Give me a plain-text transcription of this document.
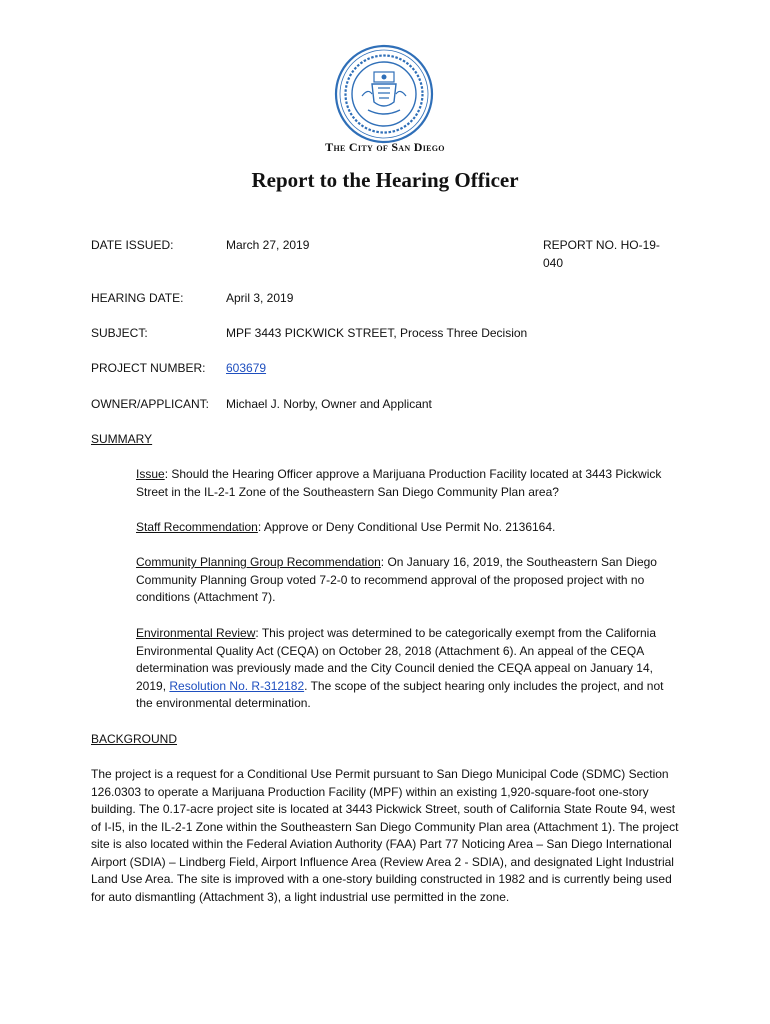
The City of San Diego
Report to the Hearing Officer
DATE ISSUED:	March 27, 2019	REPORT NO. HO-19-
040
HEARING DATE:	April 3, 2019
SUBJECT:	MPF 3443 PICKWICK STREET, Process Three Decision
PROJECT NUMBER: 603679
OWNER/APPLICANT: Michael J. Norby, Owner and Applicant
SUMMARY
Issue: Should the Hearing Officer approve a Marijuana Production Facility located at 3443 Pickwick Street in the IL-2-1 Zone of the Southeastern San Diego Community Plan area?
Staff Recommendation: Approve or Deny Conditional Use Permit No. 2136164.
Community Planning Group Recommendation: On January 16, 2019, the Southeastern San Diego Community Planning Group voted 7-2-0 to recommend approval of the proposed project with no conditions (Attachment 7).
Environmental Review: This project was determined to be categorically exempt from the California Environmental Quality Act (CEQA) on October 28, 2018 (Attachment 6). An appeal of the CEQA determination was previously made and the City Council denied the CEQA appeal on January 14, 2019, Resolution No. R-312182. The scope of the subject hearing only includes the project, and not the environmental determination.
BACKGROUND
The project is a request for a Conditional Use Permit pursuant to San Diego Municipal Code (SDMC) Section 126.0303 to operate a Marijuana Production Facility (MPF) within an existing 1,920-square-foot one-story building. The 0.17-acre project site is located at 3443 Pickwick Street, south of California State Route 94, west of I-I5, in the IL-2-1 Zone within the Southeastern San Diego Community Plan area (Attachment 1). The project site is also located within the Federal Aviation Authority (FAA) Part 77 Noticing Area – San Diego International Airport (SDIA) – Lindberg Field, Airport Influence Area (Review Area 2 - SDIA), and designated Light Industrial Land Use Area. The site is improved with a one-story building constructed in 1982 and is currently being used for auto dismantling (Attachment 3), a light industrial use permitted in the zone.
